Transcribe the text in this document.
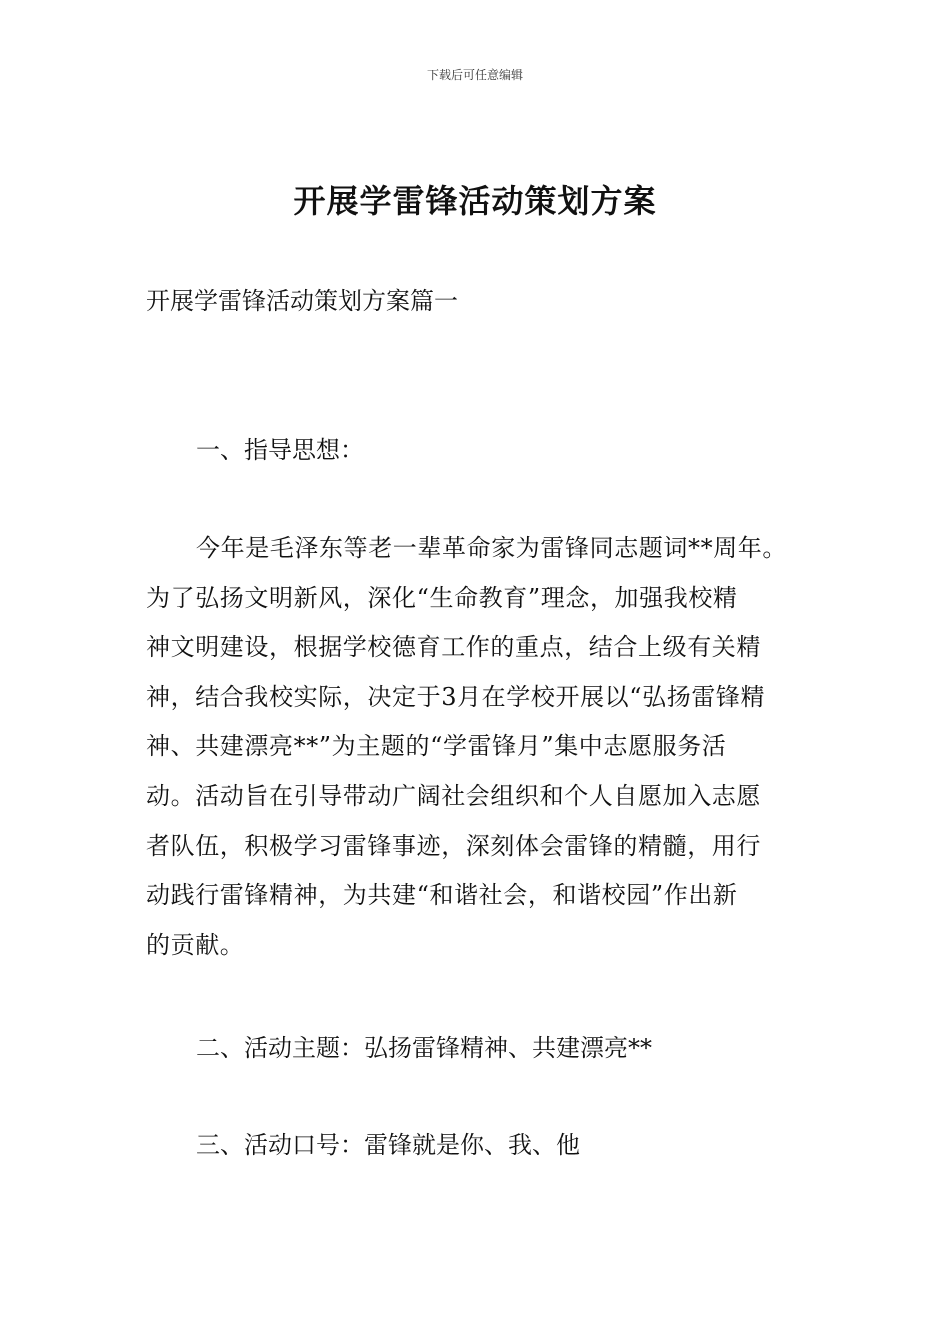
下载后可任意编辑
开展学雷锋活动策划方案
开展学雷锋活动策划方案篇一
一、指导思想：
今年是毛泽东等老一辈革命家为雷锋同志题词**周年。
为了弘扬文明新风，深化“生命教育”理念，加强我校精
神文明建设，根据学校德育工作的重点，结合上级有关精
神，结合我校实际，决定于3月在学校开展以“弘扬雷锋精
神、共建漂亮**”为主题的“学雷锋月”集中志愿服务活
动。活动旨在引导带动广阔社会组织和个人自愿加入志愿
者队伍，积极学习雷锋事迹，深刻体会雷锋的精髓，用行
动践行雷锋精神，为共建“和谐社会，和谐校园”作出新
的贡献。
二、活动主题：弘扬雷锋精神、共建漂亮**
三、活动口号：雷锋就是你、我、他
